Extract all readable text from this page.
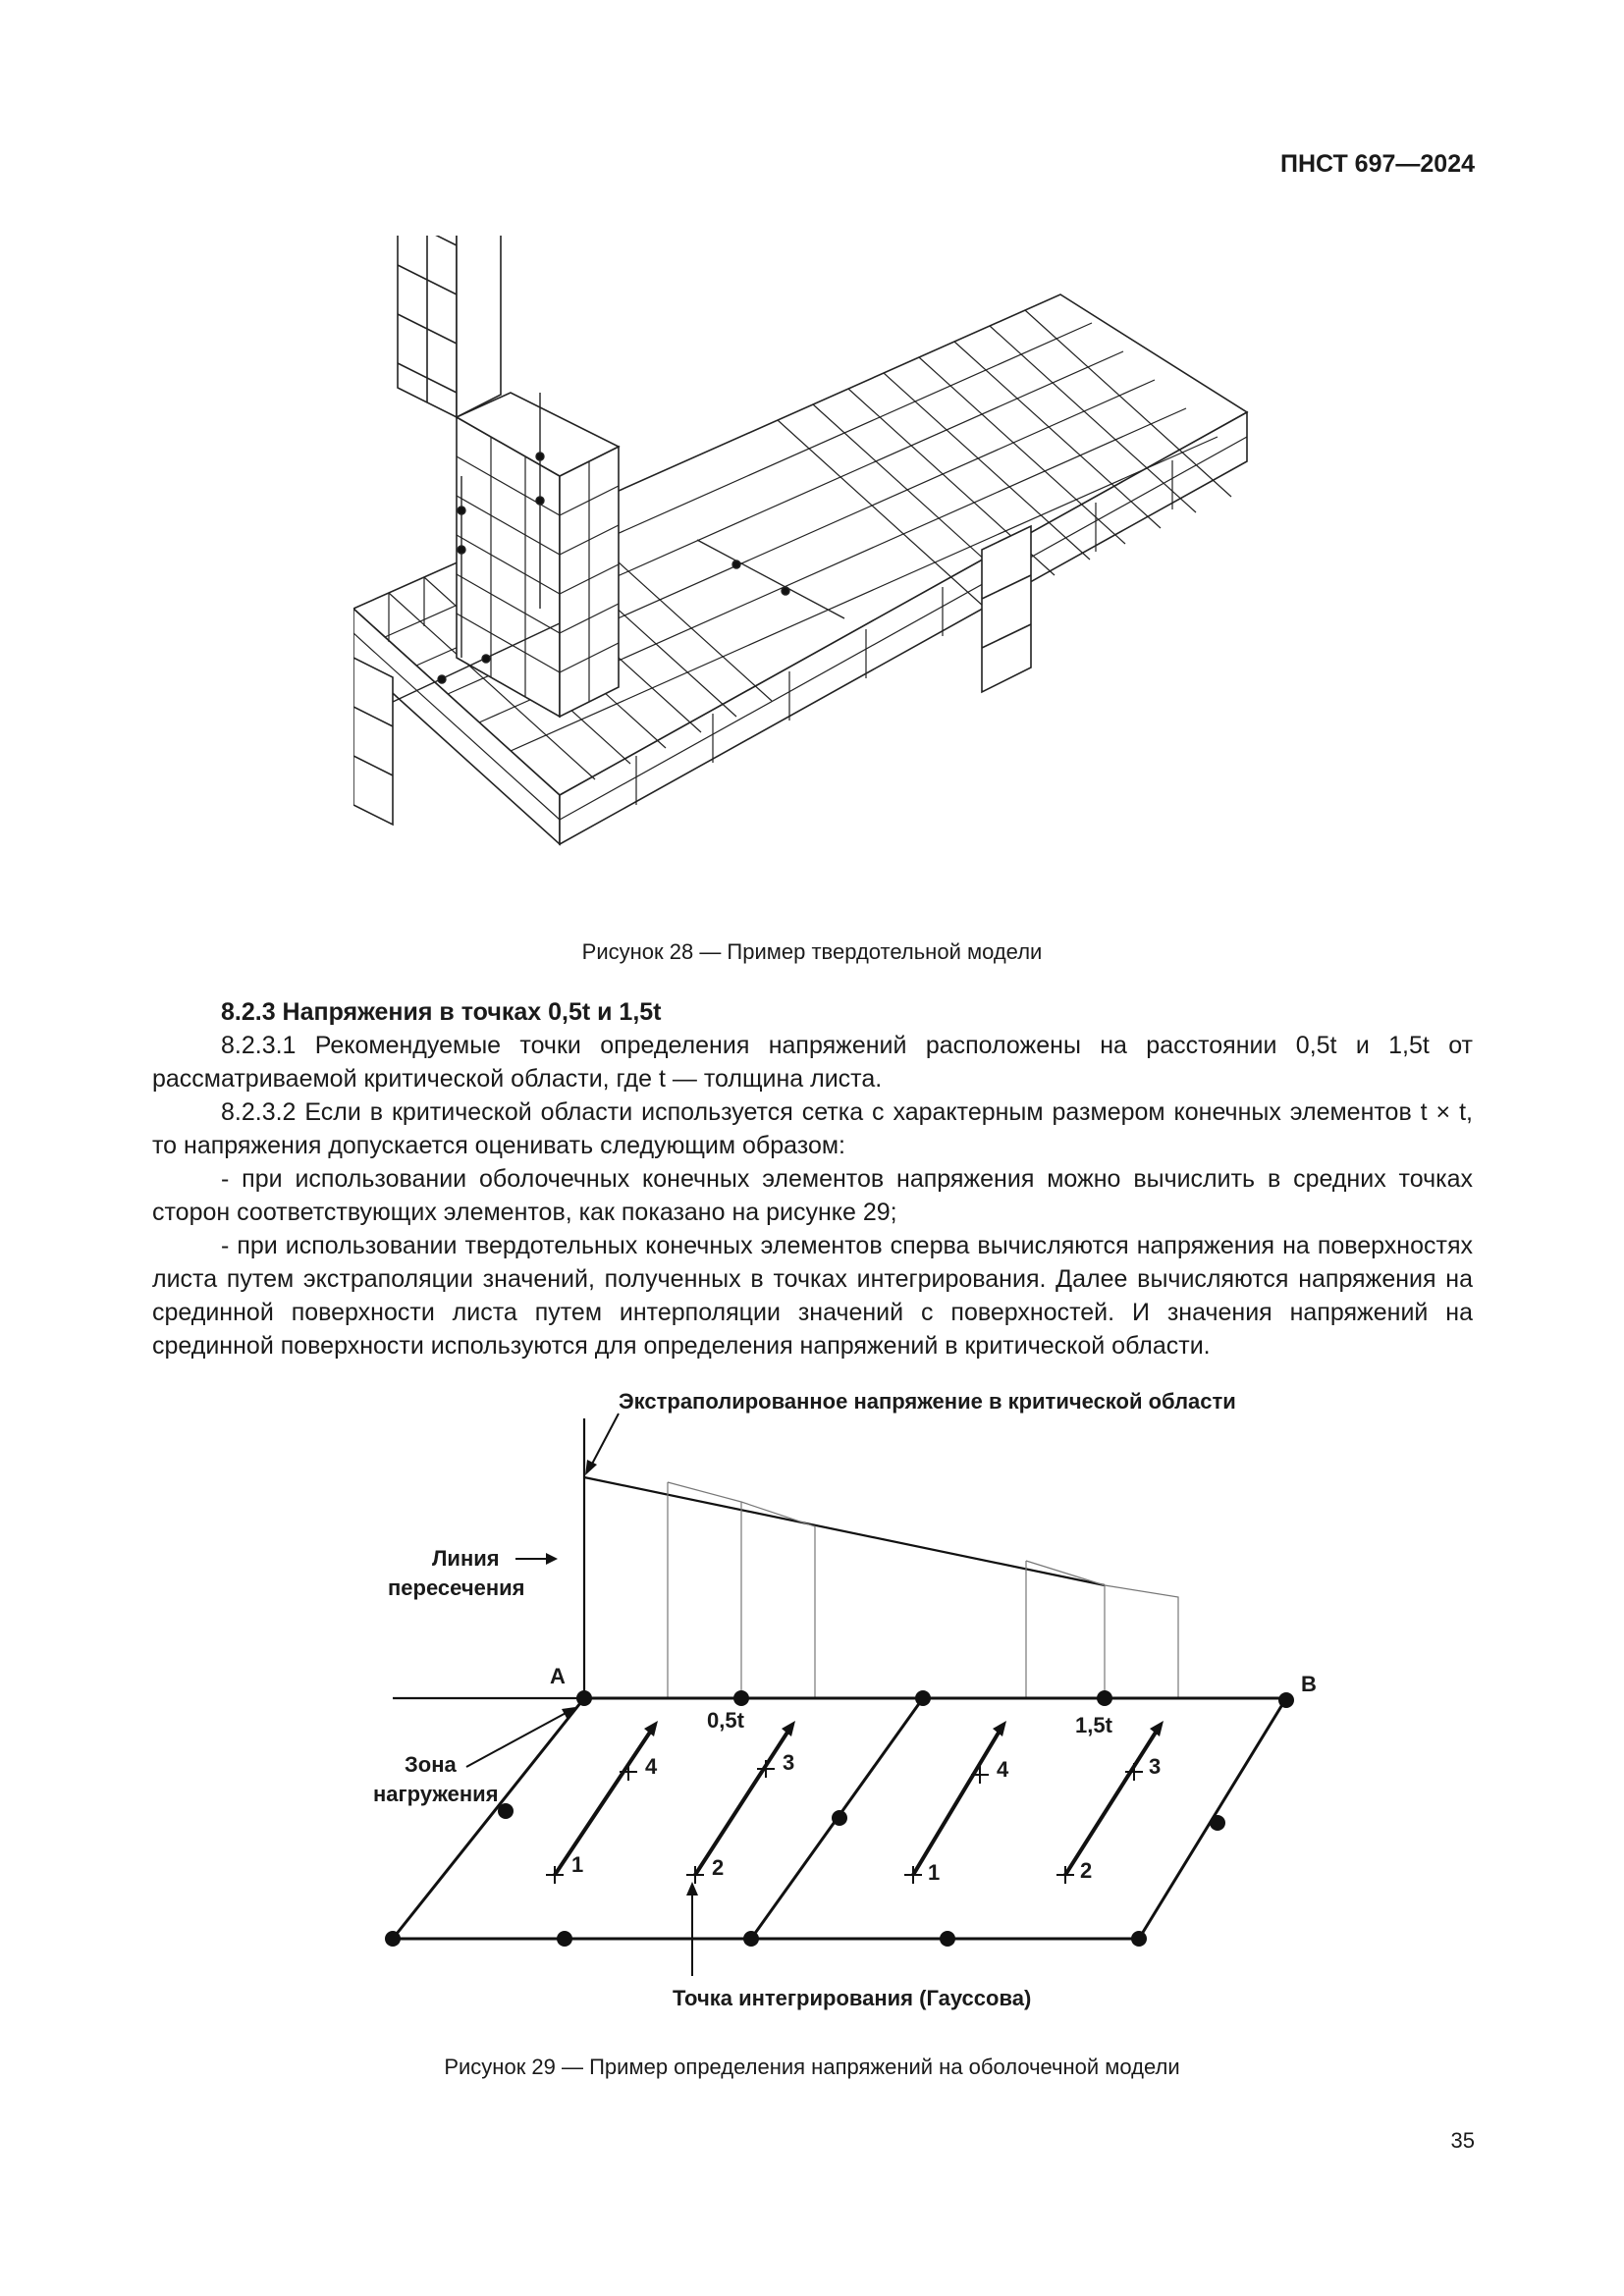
ПНСТ 697—2024
Рисунок 28 — Пример твердотельной модели
8.2.3 Напряжения в точках 0,5t и 1,5t

8.2.3.1 Рекомендуемые точки определения напряжений расположены на расстоянии 0,5t и 1,5t от рассматриваемой критической области, где t — толщина листа.

8.2.3.2 Если в критической области используется сетка с характерным размером конечных элементов t × t, то напряжения допускается оценивать следующим образом:

- при использовании оболочечных конечных элементов напряжения можно вычислить в средних точках сторон соответствующих элементов, как показано на рисунке 29;

- при использовании твердотельных конечных элементов сперва вычисляются напряжения на поверхностях листа путем экстраполяции значений, полученных в точках интегрирования. Далее вычисляются напряжения на срединной поверхности листа путем интерполяции значений с поверхностей. И значения напряжений на срединной поверхности используются для определения напряжений в критической области.

Экстраполированное напряжение в критической области
Линия
пересечения
A	B
0,5t	1,5t
Зона
нагружения
1	2
4	3
1	2
4	3
Точка интегрирования (Гауссова)
Рисунок 29 — Пример определения напряжений на оболочечной модели
35
